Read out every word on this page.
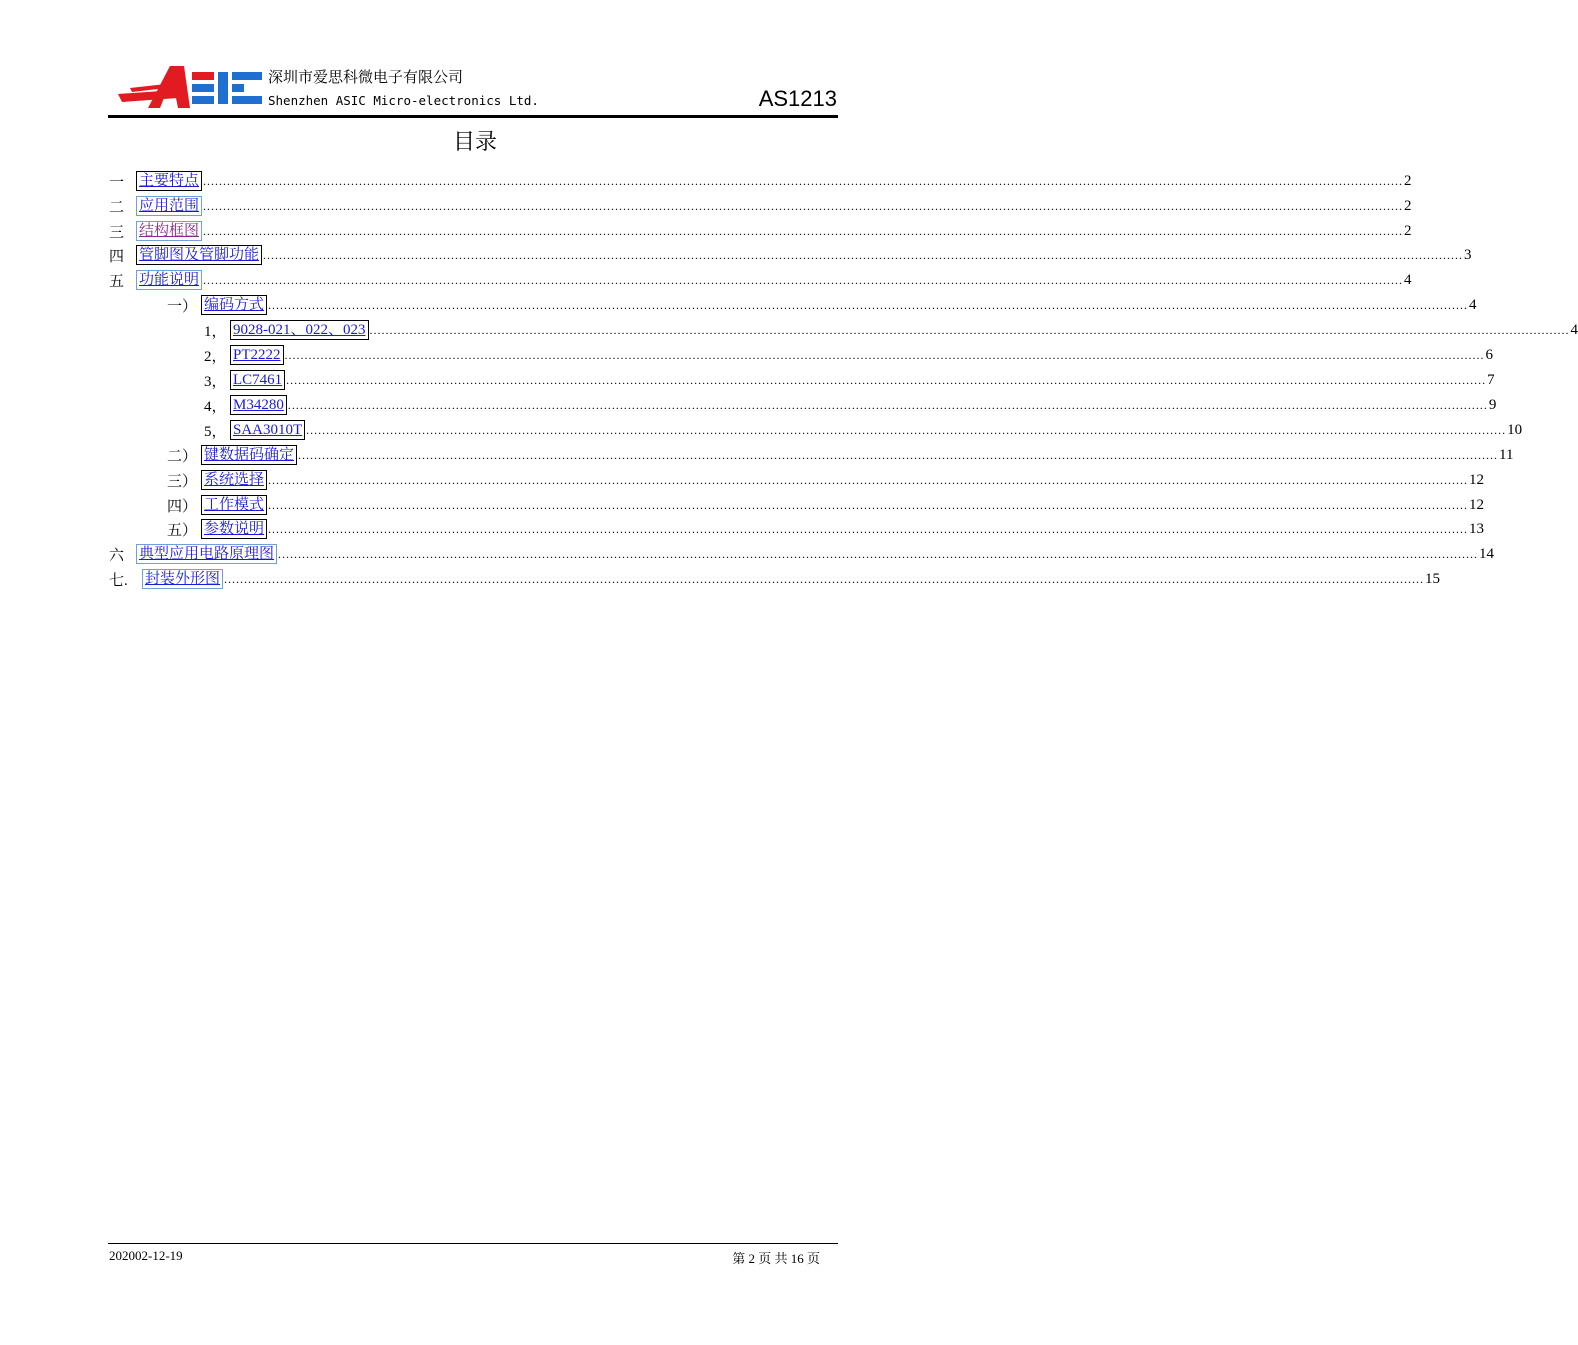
深圳市爱思科微电子有限公司
Shenzhen ASIC Micro-electronics Ltd.	AS1213
目录
一 主要特点 ............................................................................................................................................................................................................................................................................................................ 2
二 应用范围 ............................................................................................................................................................................................................................................................................................................ 2
三 结构框图 ............................................................................................................................................................................................................................................................................................................ 2
四 管脚图及管脚功能 ............................................................................................................................................................................................................................................................................................................ 3
五 功能说明 ............................................................................................................................................................................................................................................................................................................ 4
一） 编码方式 ............................................................................................................................................................................................................................................................................................................ 4
1， 9028-021、022、023 ............................................................................................................................................................................................................................................................................................................ 4
2， PT2222 ............................................................................................................................................................................................................................................................................................................ 6
3， LC7461 ............................................................................................................................................................................................................................................................................................................ 7
4， M34280 ............................................................................................................................................................................................................................................................................................................ 9
5， SAA3010T ............................................................................................................................................................................................................................................................................................................ 10
二） 键数据码确定 ............................................................................................................................................................................................................................................................................................................ 11
三） 系统选择 ............................................................................................................................................................................................................................................................................................................ 12
四） 工作模式 ............................................................................................................................................................................................................................................................................................................ 12
五） 参数说明 ............................................................................................................................................................................................................................................................................................................ 13
六 典型应用电路原理图 ............................................................................................................................................................................................................................................................................................................ 14
七.	封装外形图 ............................................................................................................................................................................................................................................................................................................ 15
202002-12-19	第 2 页 共 16 页
